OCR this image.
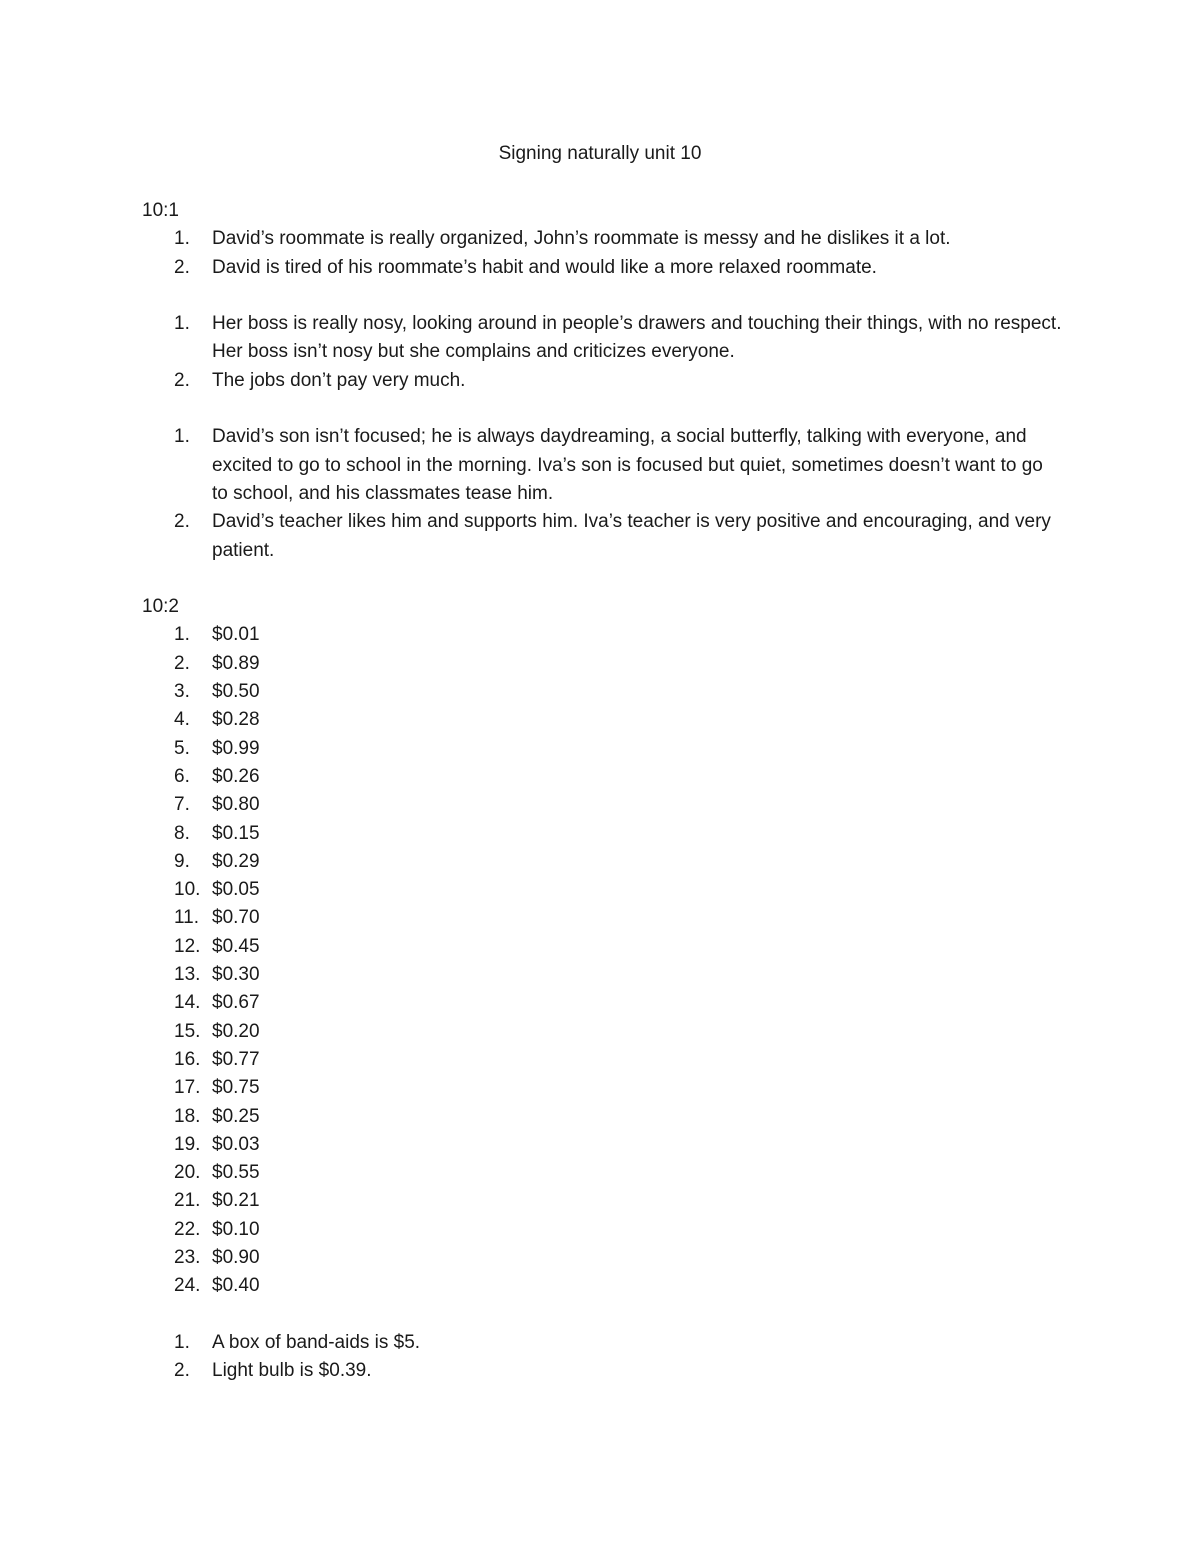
Signing naturally unit 10

10:1

1. David’s roommate is really organized, John’s roommate is messy and he dislikes it a lot.
2. David is tired of his roommate’s habit and would like a more relaxed roommate.
1. Her boss is really nosy, looking around in people’s drawers and touching their things, with no respect. Her boss isn’t nosy but she complains and criticizes everyone.
2. The jobs don’t pay very much.
1. David’s son isn’t focused; he is always daydreaming, a social butterfly, talking with everyone, and excited to go to school in the morning. Iva’s son is focused but quiet, sometimes doesn’t want to go to school, and his classmates tease him.
2. David’s teacher likes him and supports him. Iva’s teacher is very positive and encouraging, and very patient.

10:2

1. $0.01
2. $0.89
3. $0.50
4. $0.28
5. $0.99
6. $0.26
7. $0.80
8. $0.15
9. $0.29
10. $0.05
11. $0.70
12. $0.45
13. $0.30
14. $0.67
15. $0.20
16. $0.77
17. $0.75
18. $0.25
19. $0.03
20. $0.55
21. $0.21
22. $0.10
23. $0.90
24. $0.40
1. A box of band-aids is $5.
2. Light bulb is $0.39.
